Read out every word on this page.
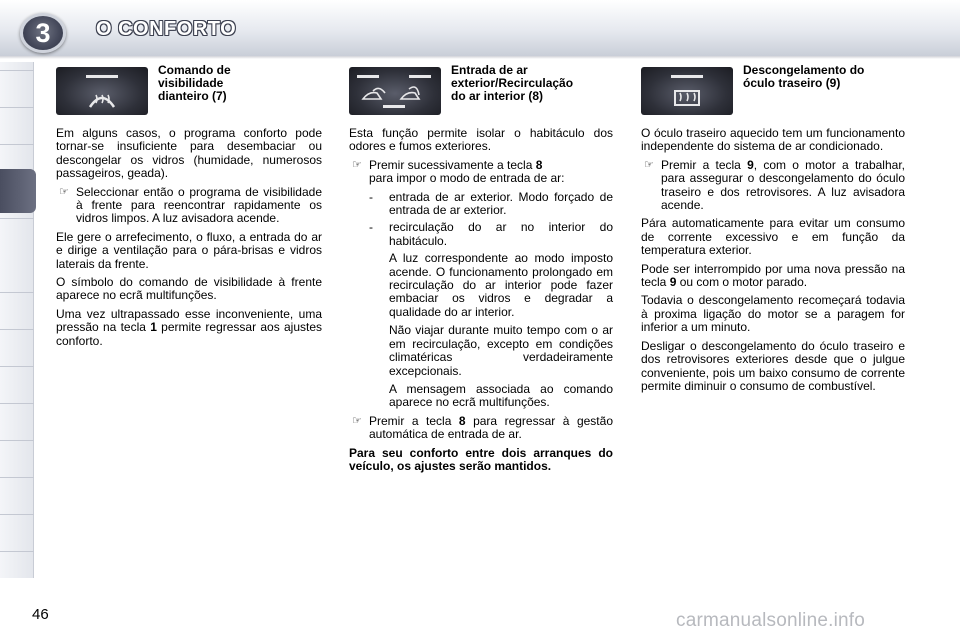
3 O CONFORTO
Comando de
visibilidade
dianteiro (7)

Em alguns casos, o programa conforto pode tornar-se insuficiente para desembaciar ou descongelar os vidros (humidade, numerosos passageiros, geada).

☞ Seleccionar então o programa de visibilidade à frente para reencontrar rapidamente os vidros limpos. A luz avisadora acende.

Ele gere o arrefecimento, o fluxo, a entrada do ar e dirige a ventilação para o pára-brisas e vidros laterais da frente.

O símbolo do comando de visibilidade à frente aparece no ecrã multifunções.

Uma vez ultrapassado esse inconveniente, uma pressão na tecla 1 permite regressar aos ajustes conforto.

Entrada de ar
exterior/Recirculação
do ar interior (8)

Esta função permite isolar o habitáculo dos odores e fumos exteriores.

☞ Premir sucessivamente a tecla 8
para impor o modo de entrada de ar:
-	entrada de ar exterior. Modo forçado de entrada de ar exterior.
-	recirculação do ar no interior do habitáculo.

A luz correspondente ao modo imposto acende. O funcionamento prolongado em recirculação do ar interior pode fazer embaciar os vidros e degradar a qualidade do ar interior.

Não viajar durante muito tempo com o ar em recirculação, excepto em condições climatéricas verdadeiramente excepcionais.

A mensagem associada ao comando aparece no ecrã multifunções.

☞ Premir a tecla 8 para regressar à gestão automática de entrada de ar.

Para seu conforto entre dois arranques do veículo, os ajustes serão mantidos.

Descongelamento do
óculo traseiro (9)

O óculo traseiro aquecido tem um funcionamento independente do sistema de ar condicionado.

☞ Premir a tecla 9, com o motor a trabalhar, para assegurar o descongelamento do óculo traseiro e dos retrovisores. A luz avisadora acende.

Pára automaticamente para evitar um consumo de corrente excessivo e em função da temperatura exterior.

Pode ser interrompido por uma nova pressão na tecla 9 ou com o motor parado.

Todavia o descongelamento recomeçará todavia à proxima ligação do motor se a paragem for inferior a um minuto.

Desligar o descongelamento do óculo traseiro e dos retrovisores exteriores desde que o julgue conveniente, pois um baixo consumo de corrente permite diminuir o consumo de combustível.

46	carmanualsonline.info
